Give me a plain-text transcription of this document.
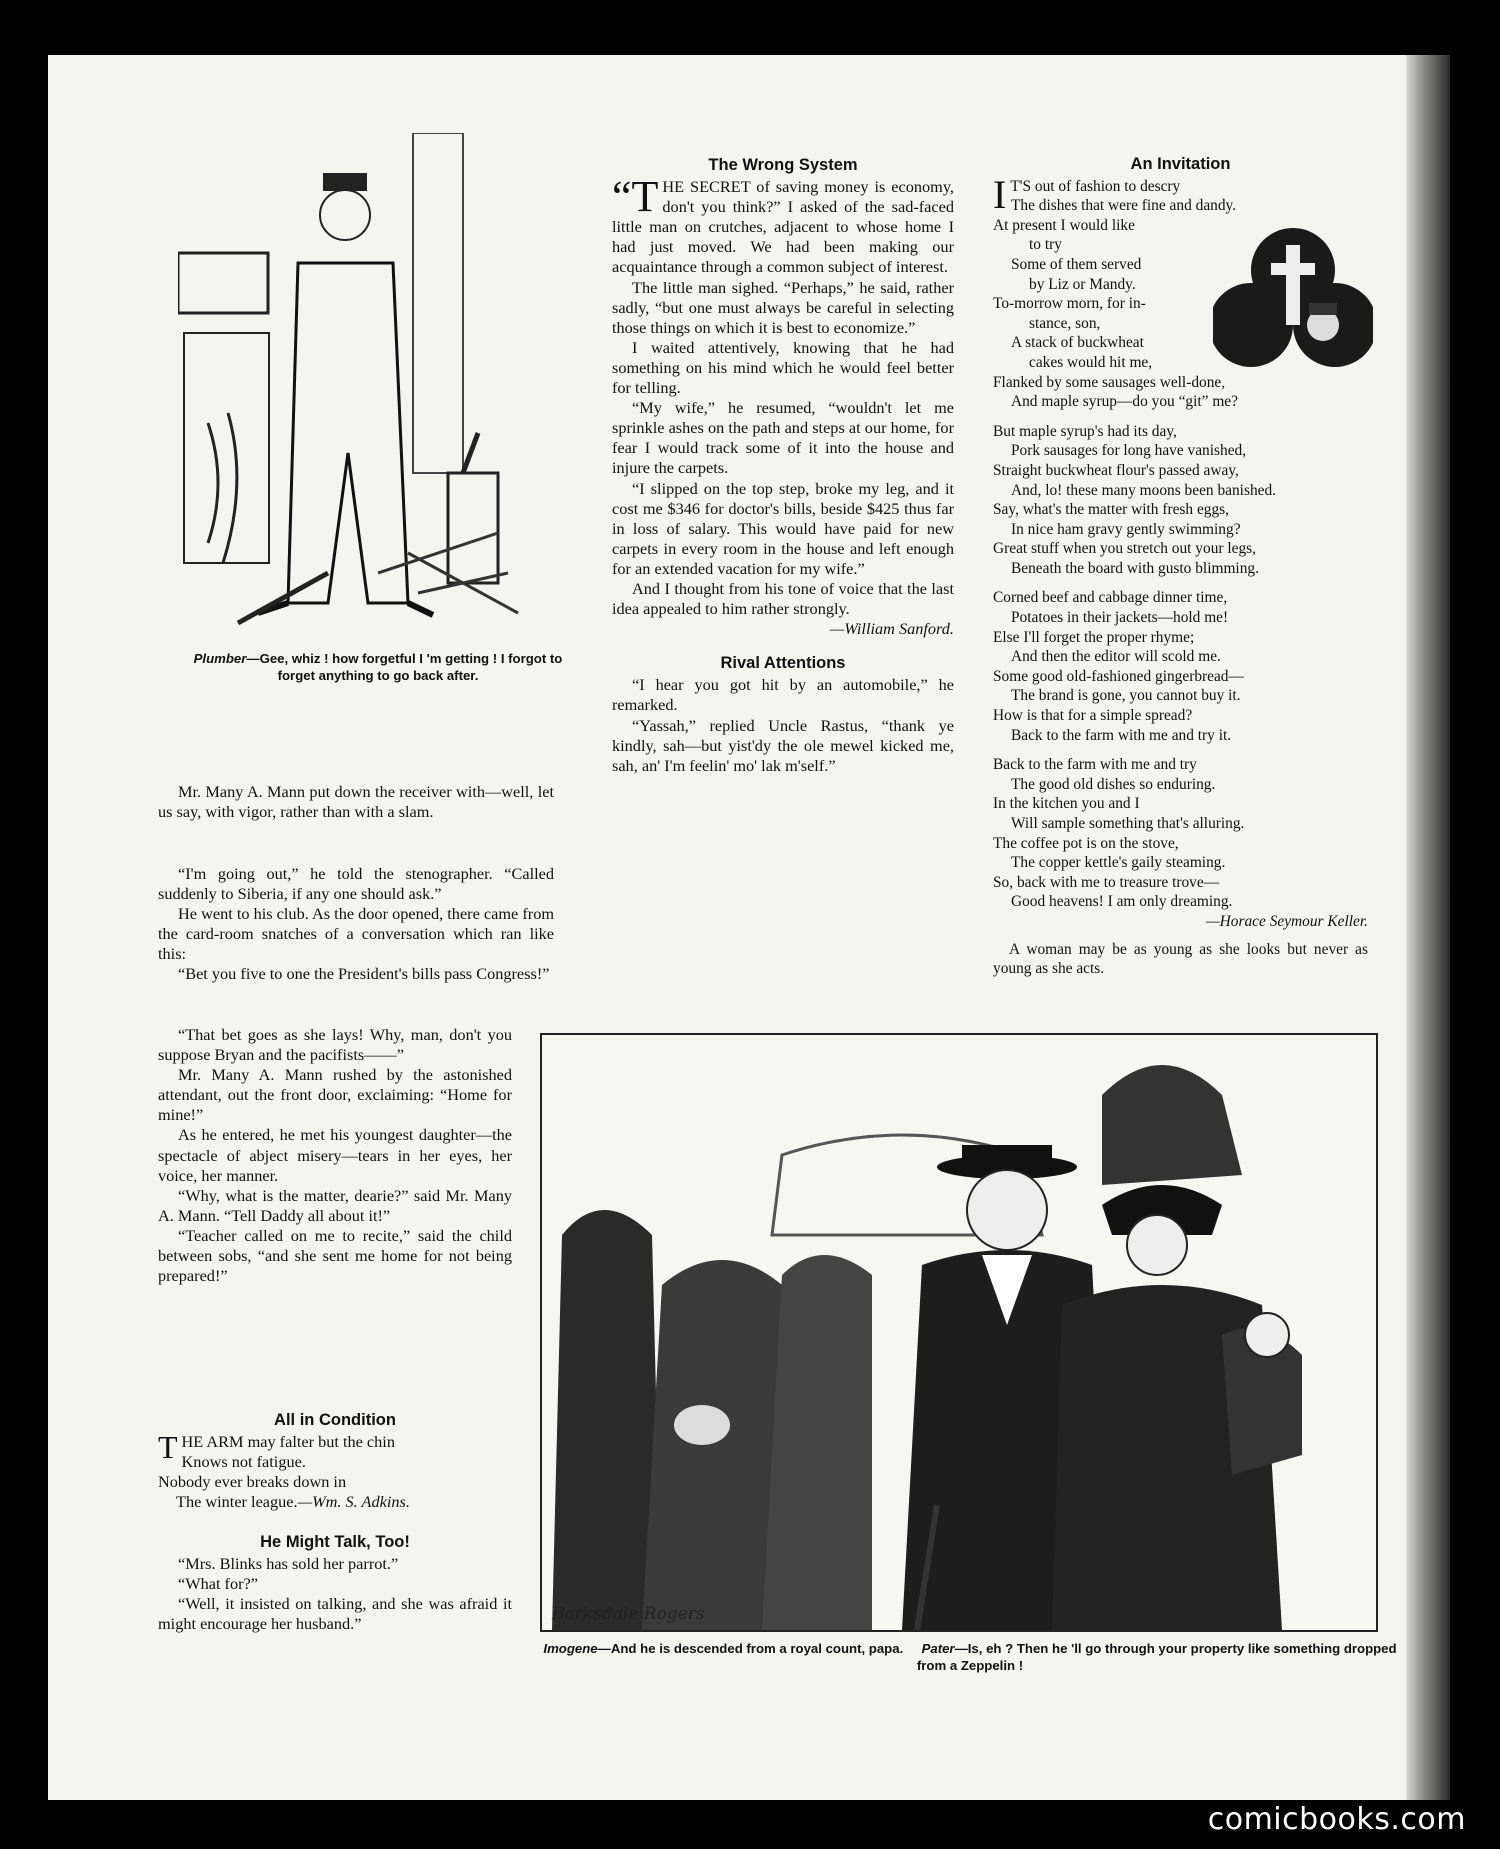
Plumber—Gee, whiz ! how forgetful I 'm getting ! I forgot to forget anything to go back after.

Mr. Many A. Mann put down the receiver with—well, let us say, with vigor, rather than with a slam.

“I'm going out,” he told the stenographer. “Called suddenly to Siberia, if any one should ask.”

He went to his club. As the door opened, there came from the card-room snatches of a conversation which ran like this:

“Bet you five to one the President's bills pass Congress!”

“That bet goes as she lays! Why, man, don't you suppose Bryan and the pacifists——”

Mr. Many A. Mann rushed by the astonished attendant, out the front door, exclaiming: “Home for mine!”

As he entered, he met his youngest daughter—the spectacle of abject misery—tears in her eyes, her voice, her manner.

“Why, what is the matter, dearie?” said Mr. Many A. Mann. “Tell Daddy all about it!”

“Teacher called on me to recite,” said the child between sobs, “and she sent me home for not being prepared!”

All in Condition

THE ARM may falter but the chin

Knows not fatigue.

Nobody ever breaks down in

The winter league.—Wm. S. Adkins.

He Might Talk, Too!

“Mrs. Blinks has sold her parrot.”

“What for?”

“Well, it insisted on talking, and she was afraid it might encourage her husband.”

The Wrong System

“THE SECRET of saving money is economy, don't you think?” I asked of the sad-faced little man on crutches, adjacent to whose home I had just moved. We had been making our acquaintance through a common subject of interest.

The little man sighed. “Perhaps,” he said, rather sadly, “but one must always be careful in selecting those things on which it is best to economize.”

I waited attentively, knowing that he had something on his mind which he would feel better for telling.

“My wife,” he resumed, “wouldn't let me sprinkle ashes on the path and steps at our home, for fear I would track some of it into the house and injure the carpets.

“I slipped on the top step, broke my leg, and it cost me $346 for doctor's bills, beside $425 thus far in loss of salary. This would have paid for new carpets in every room in the house and left enough for an extended vacation for my wife.”

And I thought from his tone of voice that the last idea appealed to him rather strongly.

—William Sanford.
Rival Attentions

“I hear you got hit by an automobile,” he remarked.

“Yassah,” replied Uncle Rastus, “thank ye kindly, sah—but yist'dy the ole mewel kicked me, sah, an' I'm feelin' mo' lak m'self.”

An Invitation

I T'S out of fashion to descry

The dishes that were fine and dandy.

At present I would like

to try

Some of them served

by Liz or Mandy.

To-morrow morn, for in-

stance, son,

A stack of buckwheat

cakes would hit me,

Flanked by some sausages well-done,

And maple syrup—do you “git” me?

But maple syrup's had its day,

Pork sausages for long have vanished,

Straight buckwheat flour's passed away,

And, lo! these many moons been banished.

Say, what's the matter with fresh eggs,

In nice ham gravy gently swimming?

Great stuff when you stretch out your legs,

Beneath the board with gusto blimming.

Corned beef and cabbage dinner time,

Potatoes in their jackets—hold me!

Else I'll forget the proper rhyme;

And then the editor will scold me.

Some good old-fashioned gingerbread—

The brand is gone, you cannot buy it.

How is that for a simple spread?

Back to the farm with me and try it.

Back to the farm with me and try

The good old dishes so enduring.

In the kitchen you and I

Will sample something that's alluring.

The coffee pot is on the stove,

The copper kettle's gaily steaming.

So, back with me to treasure trove—

Good heavens! I am only dreaming.

—Horace Seymour Keller.

A woman may be as young as she looks but never as young as she acts.

Barksdale Rogers
Imogene—And he is descended from a royal count, papa. Pater—Is, eh ? Then he 'll go through your property like something dropped from a Zeppelin !
comicbooks.com
